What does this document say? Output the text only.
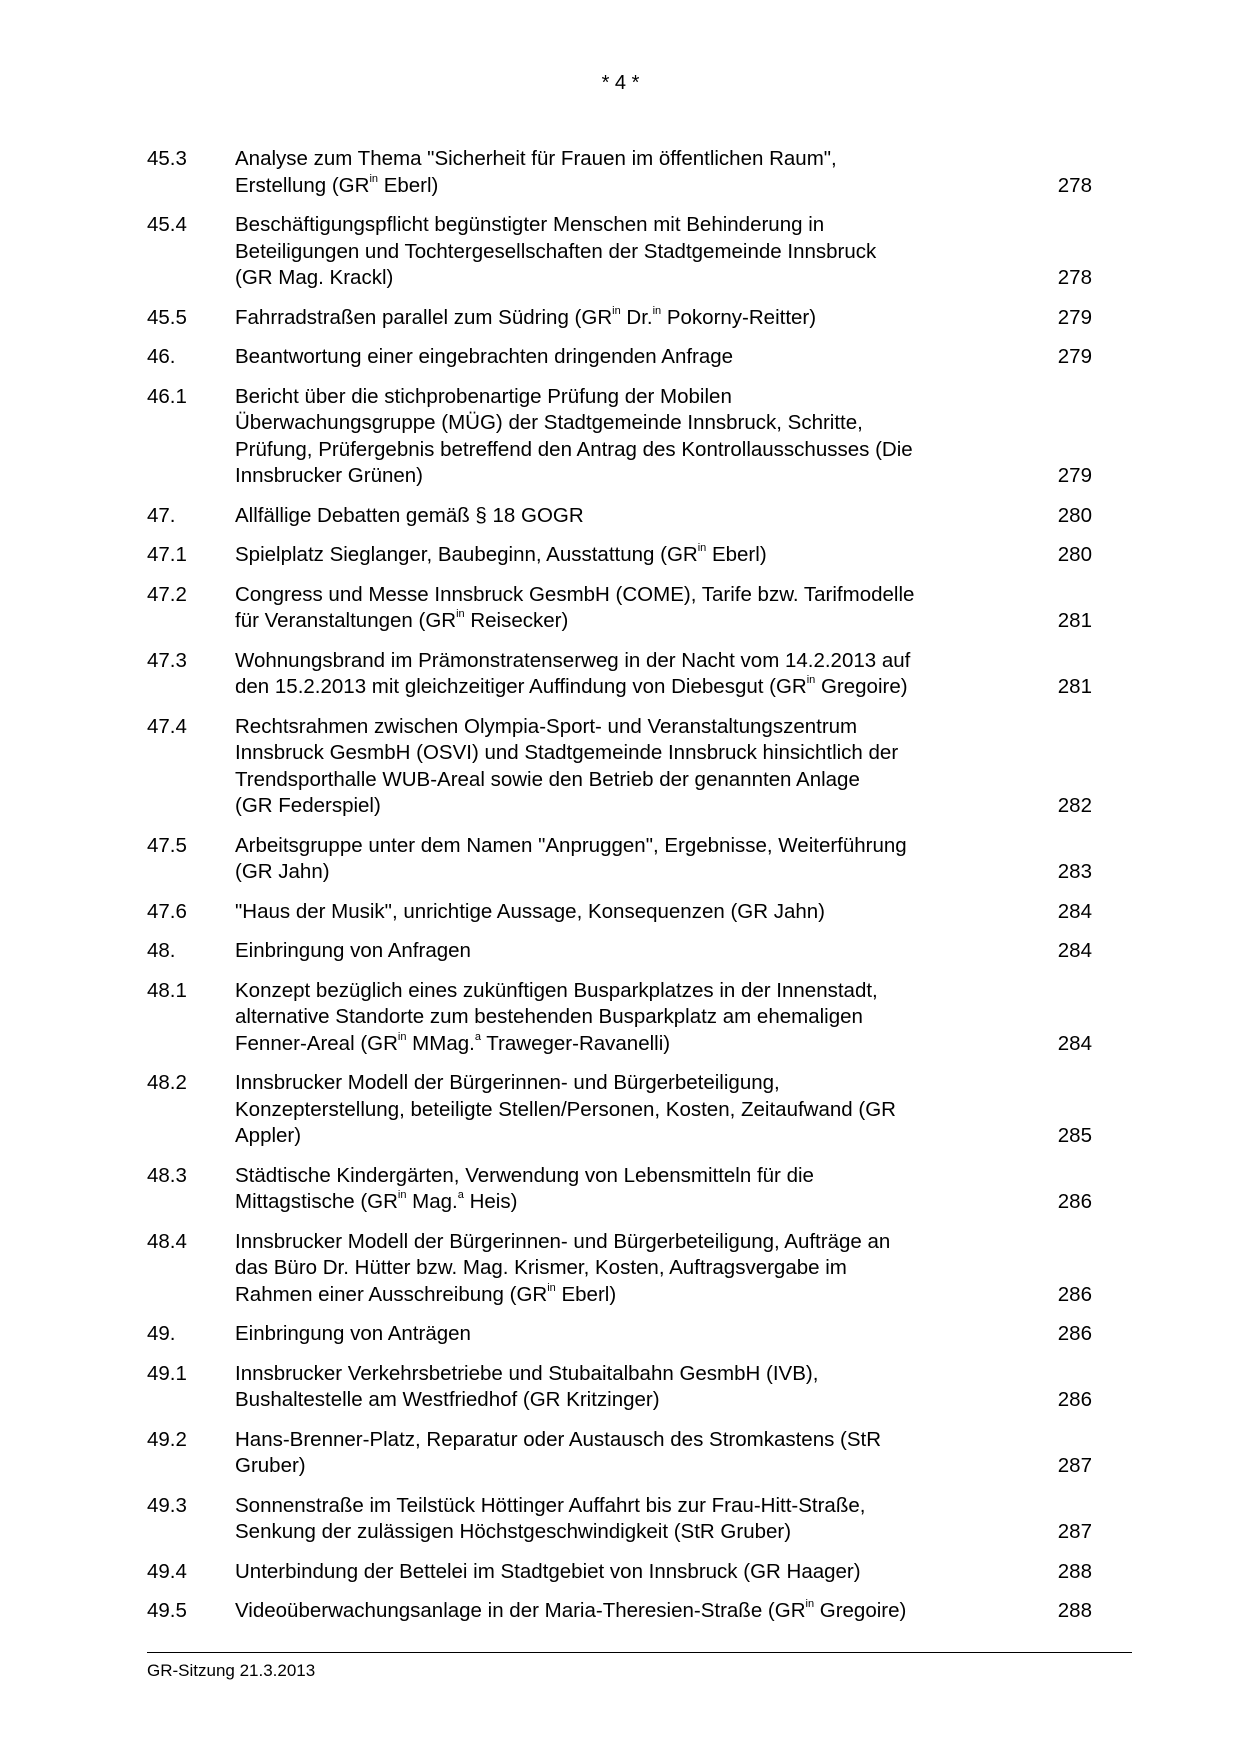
* 4 *
45.3	Analyse zum Thema "Sicherheit für Frauen im öffentlichen Raum",
Erstellung ($GR^{in}$ Eberl)	278
45.4	Beschäftigungspflicht begünstigter Menschen mit Behinderung in
Beteiligungen und Tochtergesellschaften der Stadtgemeinde Innsbruck
(GR Mag. Krackl)	278
45.5	Fahrradstraßen parallel zum Südring ($GR^{in}$ Dr.$^{in}$ Pokorny-Reitter)	279
46.	Beantwortung einer eingebrachten dringenden Anfrage	279
46.1	Bericht über die stichprobenartige Prüfung der Mobilen
Überwachungsgruppe (MÜG) der Stadtgemeinde Innsbruck, Schritte,
Prüfung, Prüfergebnis betreffend den Antrag des Kontrollausschusses (Die
Innsbrucker Grünen)	279
47.	Allfällige Debatten gemäß § 18 GOGR	280
47.1	Spielplatz Sieglanger, Baubeginn, Ausstattung ($GR^{in}$ Eberl)	280
47.2	Congress und Messe Innsbruck GesmbH (COME), Tarife bzw. Tarifmodelle
für Veranstaltungen ($GR^{in}$ Reisecker)	281
47.3	Wohnungsbrand im Prämonstratenserweg in der Nacht vom 14.2.2013 auf
den 15.2.2013 mit gleichzeitiger Auffindung von Diebesgut ($GR^{in}$ Gregoire)	281
47.4	Rechtsrahmen zwischen Olympia-Sport- und Veranstaltungszentrum
Innsbruck GesmbH (OSVI) und Stadtgemeinde Innsbruck hinsichtlich der
Trendsporthalle WUB-Areal sowie den Betrieb der genannten Anlage
(GR Federspiel)	282
47.5	Arbeitsgruppe unter dem Namen "Anpruggen", Ergebnisse, Weiterführung
(GR Jahn)	283
47.6	"Haus der Musik", unrichtige Aussage, Konsequenzen (GR Jahn)	284
48.	Einbringung von Anfragen	284
48.1	Konzept bezüglich eines zukünftigen Busparkplatzes in der Innenstadt,
alternative Standorte zum bestehenden Busparkplatz am ehemaligen
Fenner-Areal ($GR^{in}$ MMag.$^a$ Traweger-Ravanelli)	284
48.2	Innsbrucker Modell der Bürgerinnen- und Bürgerbeteiligung,
Konzepterstellung, beteiligte Stellen/Personen, Kosten, Zeitaufwand (GR
Appler)	285
48.3	Städtische Kindergärten, Verwendung von Lebensmitteln für die
Mittagstische ($GR^{in}$ Mag.$^a$ Heis)	286
48.4	Innsbrucker Modell der Bürgerinnen- und Bürgerbeteiligung, Aufträge an
das Büro Dr. Hütter bzw. Mag. Krismer, Kosten, Auftragsvergabe im
Rahmen einer Ausschreibung ($GR^{in}$ Eberl)	286
49.	Einbringung von Anträgen	286
49.1	Innsbrucker Verkehrsbetriebe und Stubaitalbahn GesmbH (IVB),
Bushaltestelle am Westfriedhof (GR Kritzinger)	286
49.2	Hans-Brenner-Platz, Reparatur oder Austausch des Stromkastens (StR
Gruber)	287
49.3	Sonnenstraße im Teilstück Höttinger Auffahrt bis zur Frau-Hitt-Straße,
Senkung der zulässigen Höchstgeschwindigkeit (StR Gruber)	287
49.4	Unterbindung der Bettelei im Stadtgebiet von Innsbruck (GR Haager)	288
49.5	Videoüberwachungsanlage in der Maria-Theresien-Straße ($GR^{in}$ Gregoire)	288
GR-Sitzung 21.3.2013
